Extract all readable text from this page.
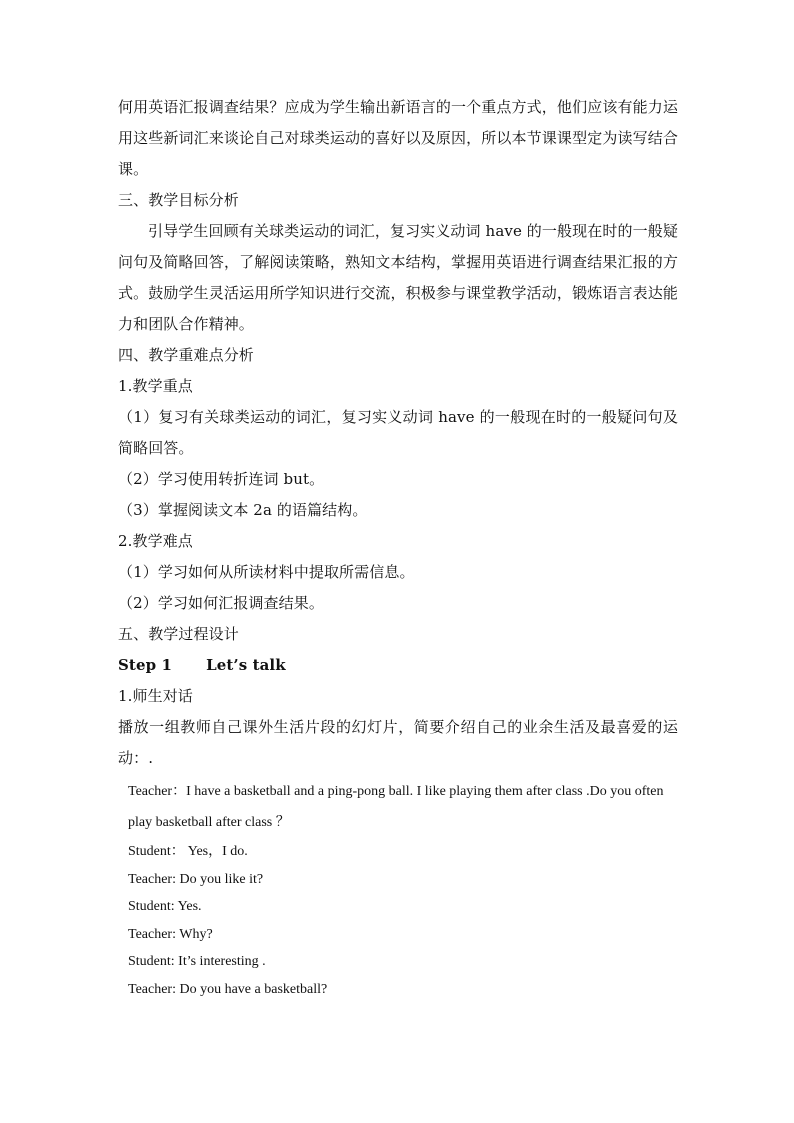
何用英语汇报调查结果？应成为学生输出新语言的一个重点方式，他们应该有能力运用这些新词汇来谈论自己对球类运动的喜好以及原因，所以本节课课型定为读写结合课。

三、教学目标分析

引导学生回顾有关球类运动的词汇，复习实义动词 have 的一般现在时的一般疑问句及简略回答，了解阅读策略，熟知文本结构，掌握用英语进行调查结果汇报的方式。鼓励学生灵活运用所学知识进行交流，积极参与课堂教学活动，锻炼语言表达能力和团队合作精神。

四、教学重难点分析

1.教学重点

（1）复习有关球类运动的词汇，复习实义动词 have 的一般现在时的一般疑问句及简略回答。

（2）学习使用转折连词 but。

（3）掌握阅读文本 2a 的语篇结构。

2.教学难点

（1）学习如何从所读材料中提取所需信息。

（2）学习如何汇报调查结果。

五、教学过程设计

Step 1 Let’s talk

1.师生对话

播放一组教师自己课外生活片段的幻灯片，简要介绍自己的业余生活及最喜爱的运动：.

Teacher：I have a basketball and a ping-pong ball. I like playing them after class .Do you often play basketball after class ？

Student： Yes，I do.

Teacher: Do you like it?

Student: Yes.

Teacher: Why?

Student: It’s interesting .

Teacher: Do you have a basketball?
